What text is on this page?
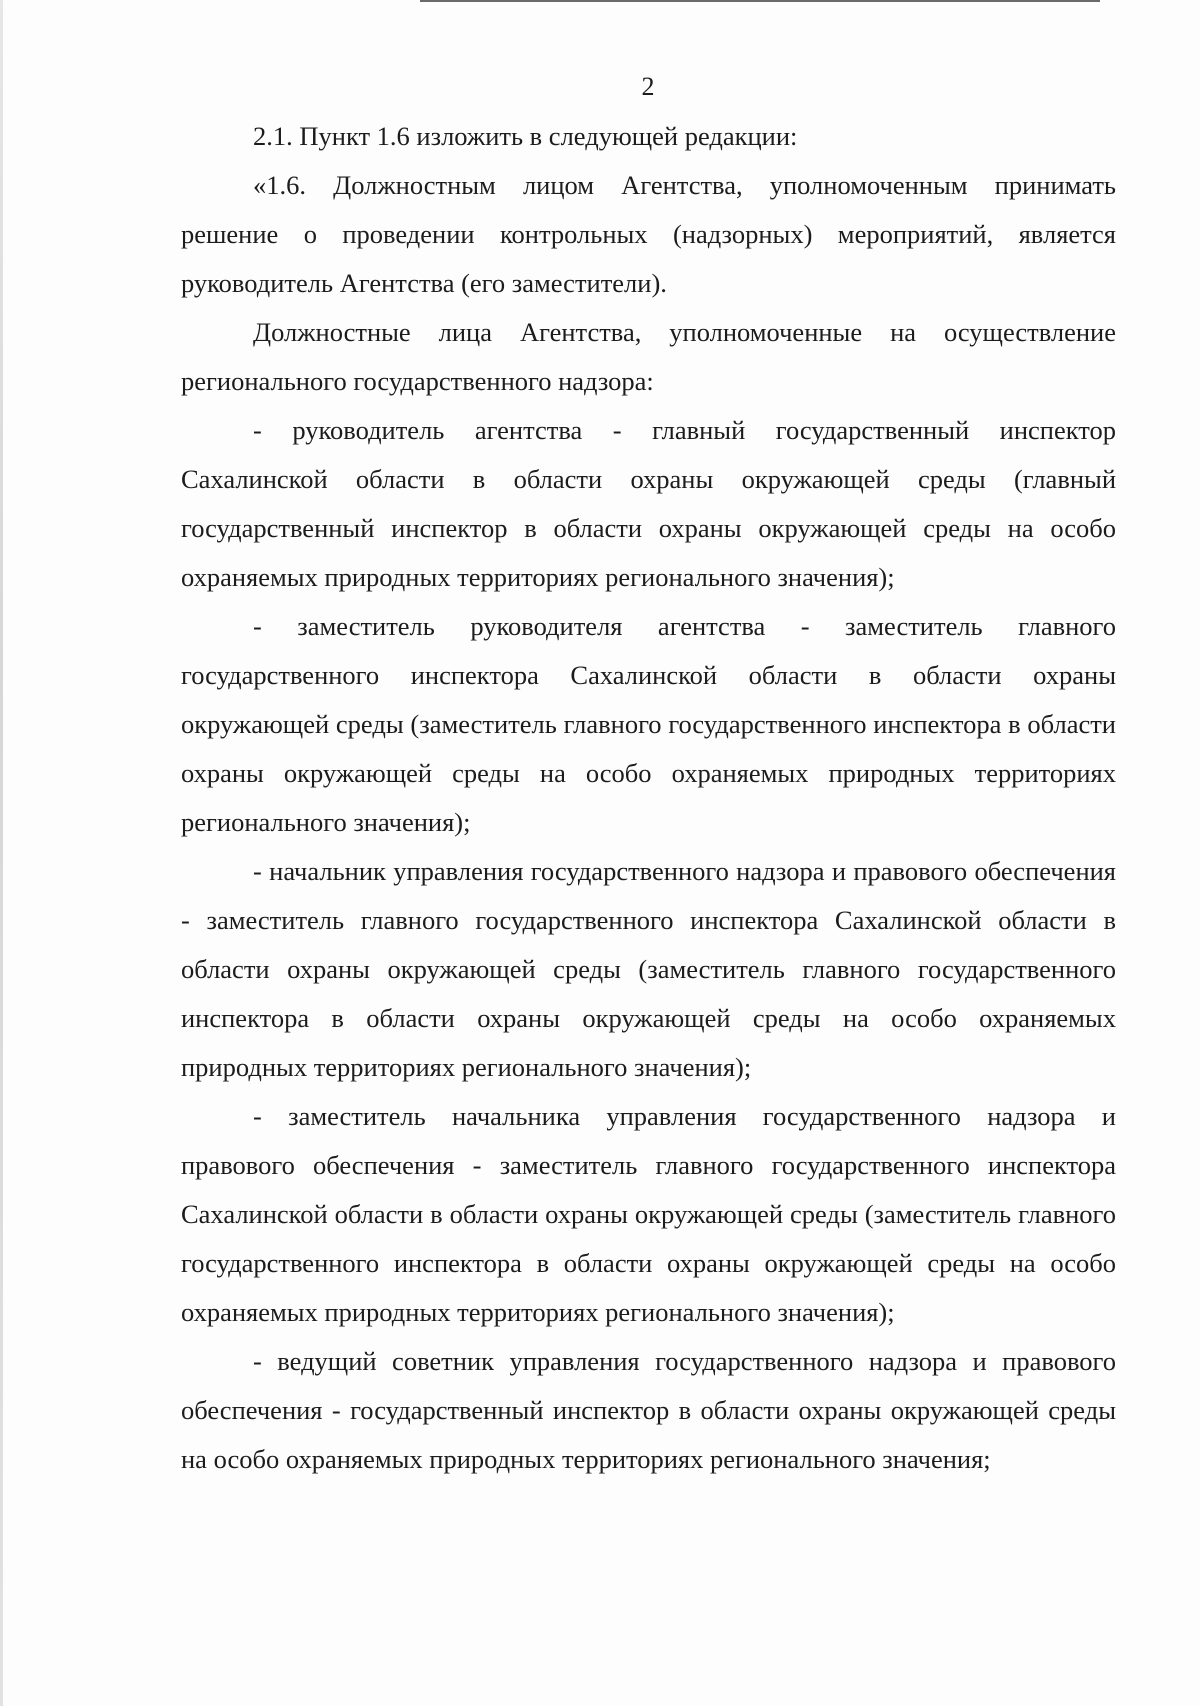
2

2.1. Пункт 1.6 изложить в следующей редакции:

«1.6. Должностным лицом Агентства, уполномоченным принимать решение о проведении контрольных (надзорных) мероприятий, является руководитель Агентства (его заместители).

Должностные лица Агентства, уполномоченные на осуществление регионального государственного надзора:

- руководитель агентства - главный государственный инспектор Сахалинской области в области охраны окружающей среды (главный государственный инспектор в области охраны окружающей среды на особо охраняемых природных территориях регионального значения);

- заместитель руководителя агентства - заместитель главного государственного инспектора Сахалинской области в области охраны окружающей среды (заместитель главного государственного инспектора в области охраны окружающей среды на особо охраняемых природных территориях регионального значения);

- начальник управления государственного надзора и правового обеспечения - заместитель главного государственного инспектора Сахалинской области в области охраны окружающей среды (заместитель главного государственного инспектора в области охраны окружающей среды на особо охраняемых природных территориях регионального значения);

- заместитель начальника управления государственного надзора и правового обеспечения - заместитель главного государственного инспектора Сахалинской области в области охраны окружающей среды (заместитель главного государственного инспектора в области охраны окружающей среды на особо охраняемых природных территориях регионального значения);

- ведущий советник управления государственного надзора и правового обеспечения - государственный инспектор в области охраны окружающей среды на особо охраняемых природных территориях регионального значения;
